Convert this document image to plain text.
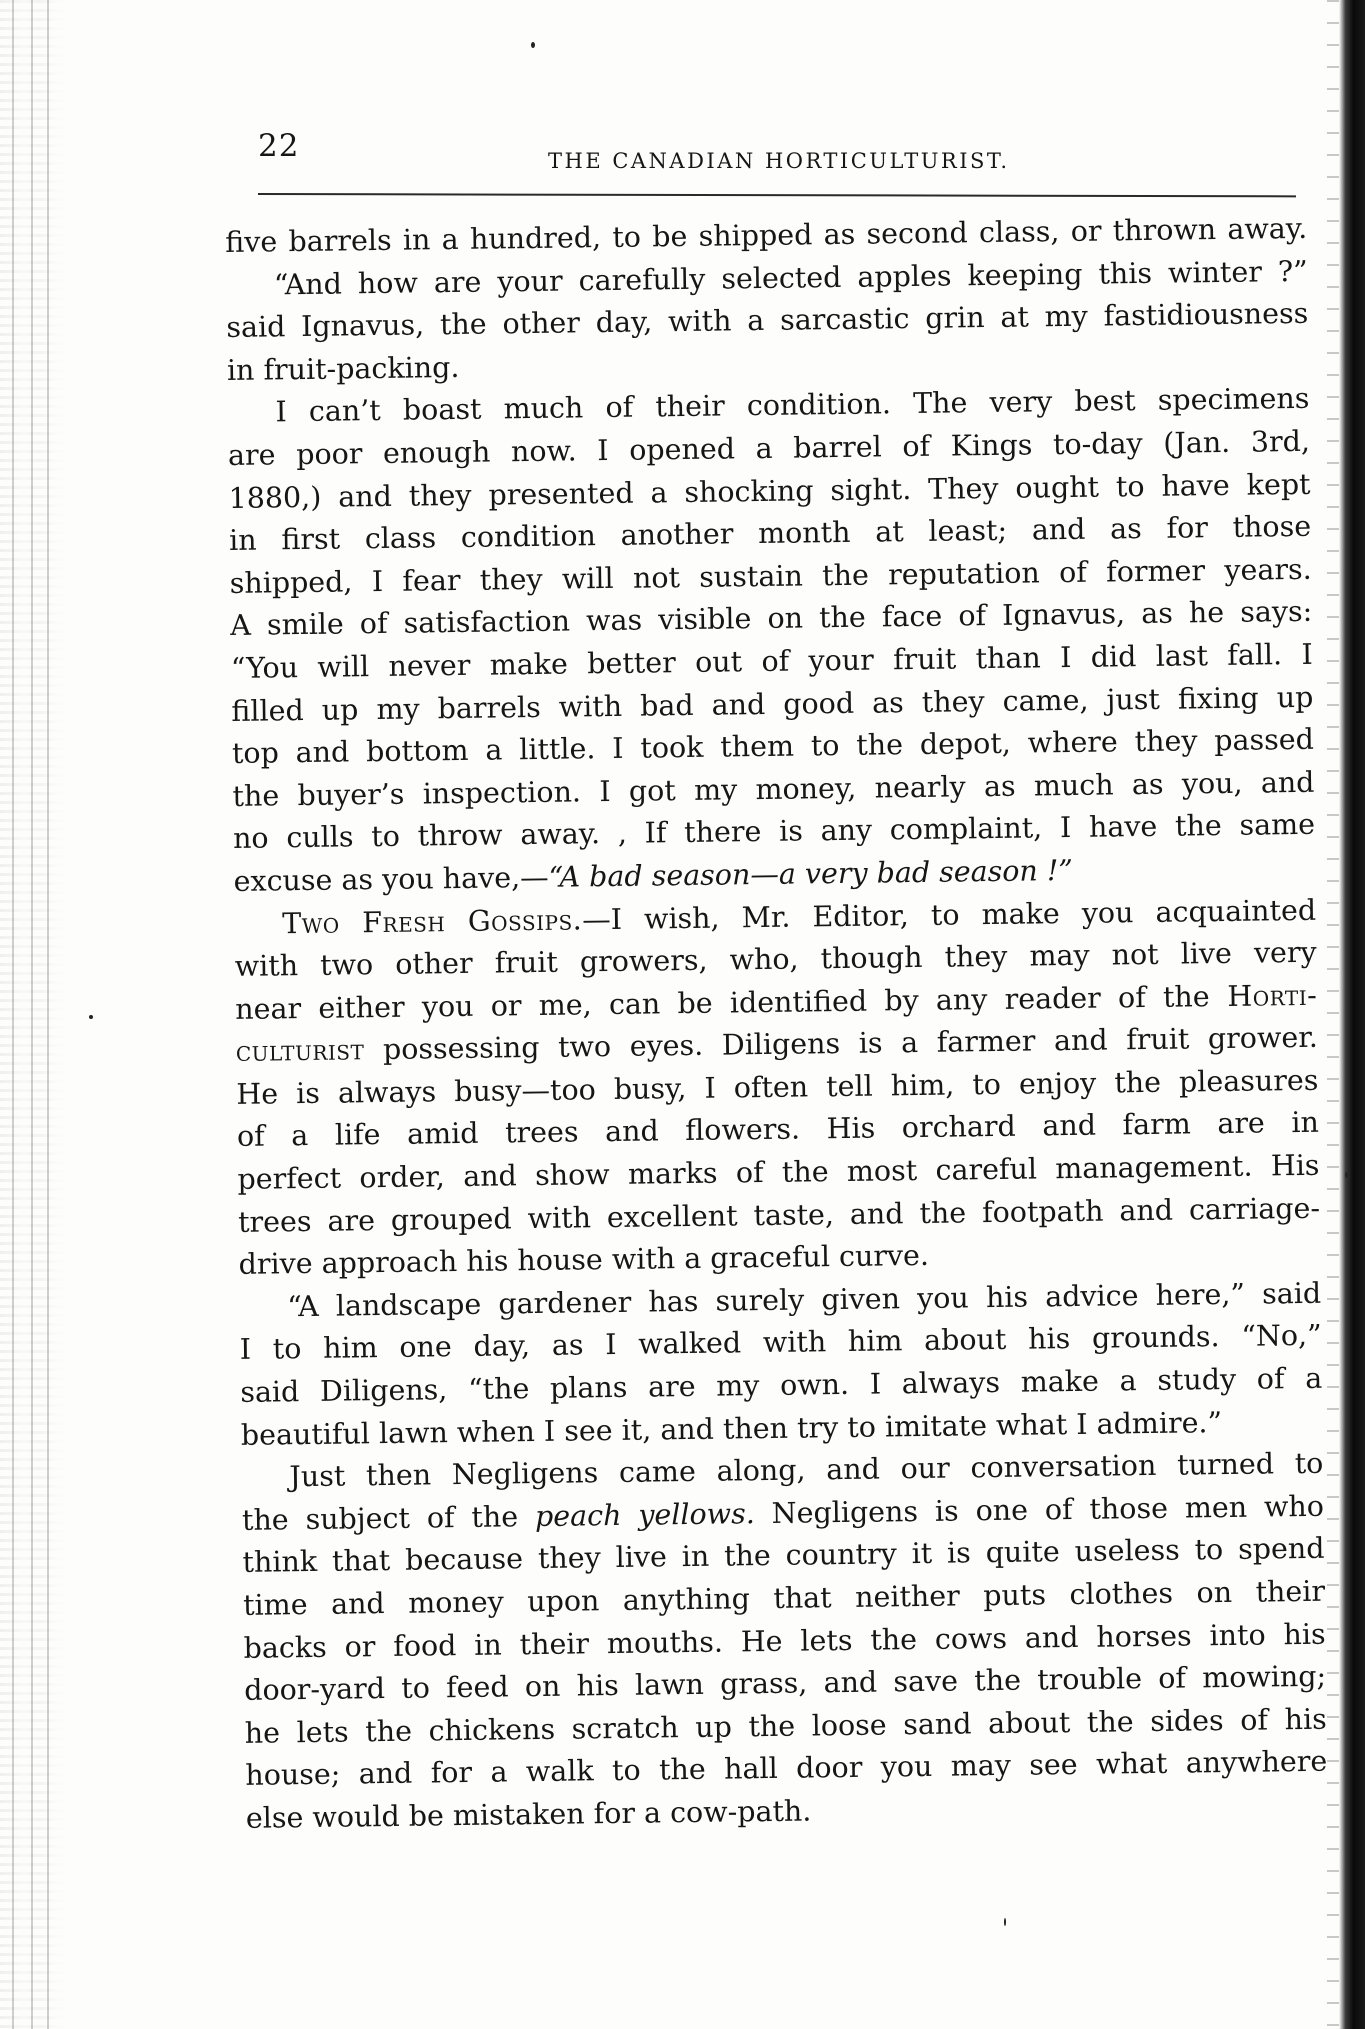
22	THE CANADIAN HORTICULTURIST.
five barrels in a hundred, to be shipped as second class, or thrown away.
“And how are your carefully selected apples keeping this winter ?”
said Ignavus, the other day, with a sarcastic grin at my fastidiousness
in fruit-packing.
I can’t boast much of their condition. The very best specimens
are poor enough now. I opened a barrel of Kings to-day (Jan. 3rd,
1880,) and they presented a shocking sight. They ought to have kept
in first class condition another month at least; and as for those
shipped, I fear they will not sustain the reputation of former years.
A smile of satisfaction was visible on the face of Ignavus, as he says:
“You will never make better out of your fruit than I did last fall. I
filled up my barrels with bad and good as they came, just fixing up
top and bottom a little. I took them to the depot, where they passed
the buyer’s inspection. I got my money, nearly as much as you, and
no culls to throw away. , If there is any complaint, I have the same
excuse as you have,—“A bad season—a very bad season !”
Two Fresh Gossips.—I wish, Mr. Editor, to make you acquainted
with two other fruit growers, who, though they may not live very
near either you or me, can be identified by any reader of the Horti-
culturist possessing two eyes. Diligens is a farmer and fruit grower.
He is always busy—too busy, I often tell him, to enjoy the pleasures
of a life amid trees and flowers. His orchard and farm are in
perfect order, and show marks of the most careful management. His
trees are grouped with excellent taste, and the footpath and carriage-
drive approach his house with a graceful curve.
“A landscape gardener has surely given you his advice here,” said
I to him one day, as I walked with him about his grounds. “No,”
said Diligens, “the plans are my own. I always make a study of a
beautiful lawn when I see it, and then try to imitate what I admire.”
Just then Negligens came along, and our conversation turned to
the subject of the peach yellows. Negligens is one of those men who
think that because they live in the country it is quite useless to spend
time and money upon anything that neither puts clothes on their
backs or food in their mouths. He lets the cows and horses into his
door-yard to feed on his lawn grass, and save the trouble of mowing;
he lets the chickens scratch up the loose sand about the sides of his
house; and for a walk to the hall door you may see what anywhere
else would be mistaken for a cow-path.
